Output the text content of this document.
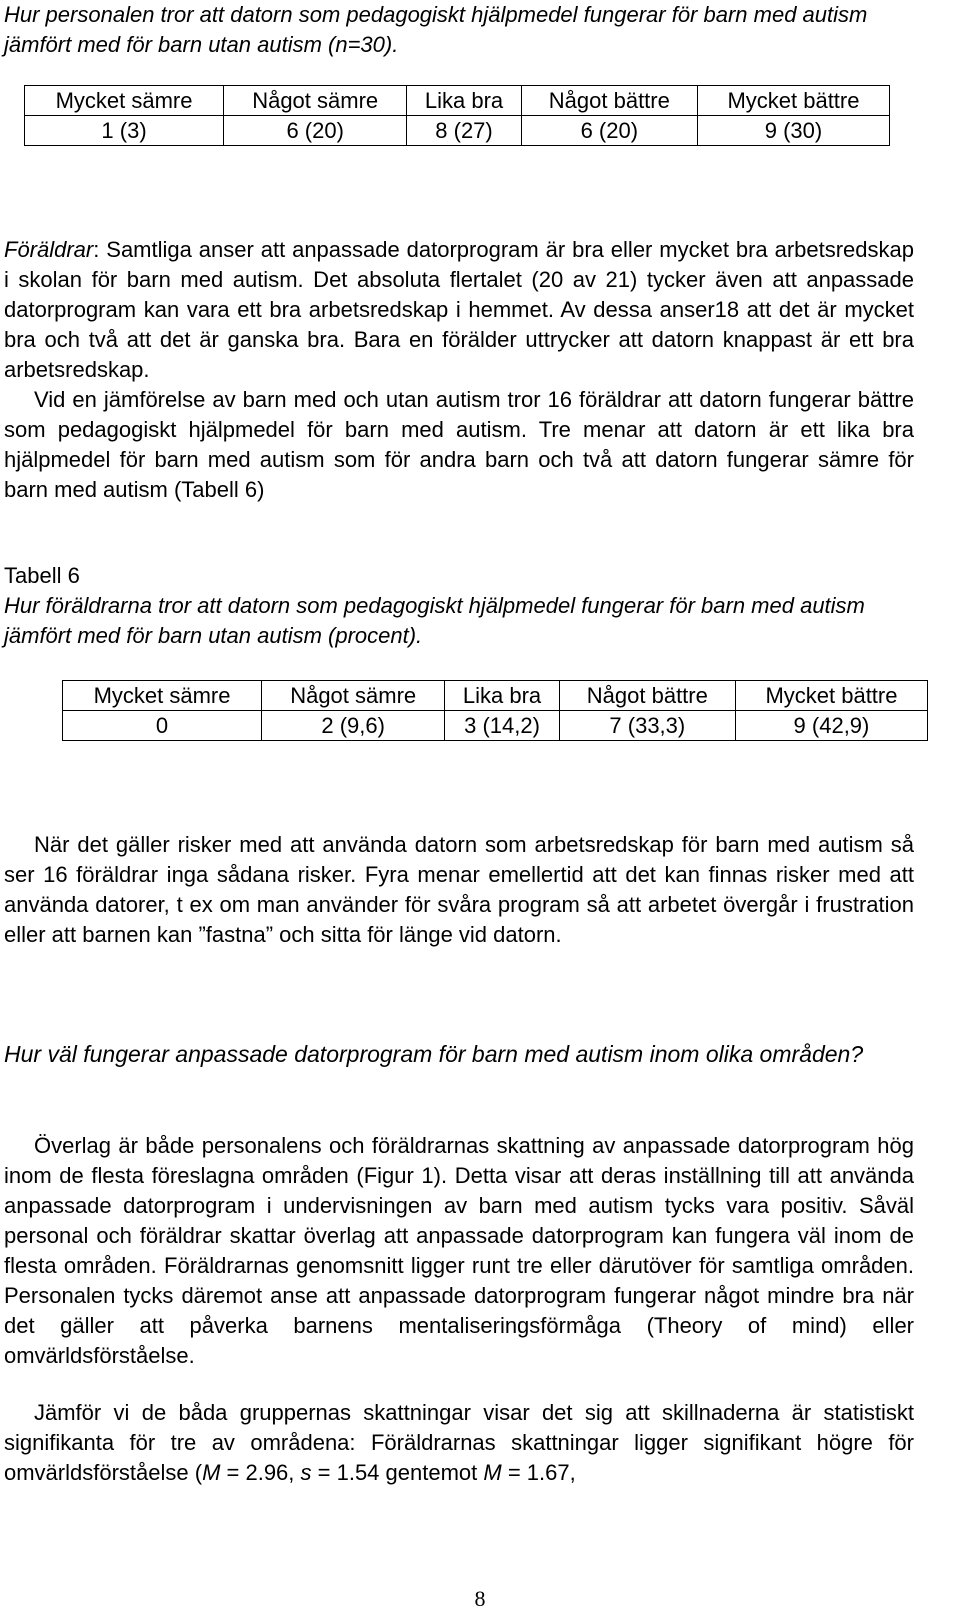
Hur personalen tror att datorn som pedagogiskt hjälpmedel fungerar för barn med autism jämfört med för barn utan autism (n=30).

Mycket sämre	Något sämre	Lika bra	Något bättre	Mycket bättre
1 (3)	6 (20)	8 (27)	6 (20)	9 (30)

Föräldrar: Samtliga anser att anpassade datorprogram är bra eller mycket bra arbetsredskap i skolan för barn med autism. Det absoluta flertalet (20 av 21) tycker även att anpassade datorprogram kan vara ett bra arbetsredskap i hemmet. Av dessa anser18 att det är mycket bra och två att det är ganska bra. Bara en förälder uttrycker att datorn knappast är ett bra arbetsredskap.

Vid en jämförelse av barn med och utan autism tror 16 föräldrar att datorn fungerar bättre som pedagogiskt hjälpmedel för barn med autism. Tre menar att datorn är ett lika bra hjälpmedel för barn med autism som för andra barn och två att datorn fungerar sämre för barn med autism (Tabell 6)

Tabell 6

Hur föräldrarna tror att datorn som pedagogiskt hjälpmedel fungerar för barn med autism jämfört med för barn utan autism (procent).

Mycket sämre	Något sämre	Lika bra	Något bättre	Mycket bättre
0	2 (9,6)	3 (14,2)	7 (33,3)	9 (42,9)

När det gäller risker med att använda datorn som arbetsredskap för barn med autism så ser 16 föräldrar inga sådana risker. Fyra menar emellertid att det kan finnas risker med att använda datorer, t ex om man använder för svåra program så att arbetet övergår i frustration eller att barnen kan ”fastna” och sitta för länge vid datorn.

Hur väl fungerar anpassade datorprogram för barn med autism inom olika områden?

Överlag är både personalens och föräldrarnas skattning av anpassade datorprogram hög inom de flesta föreslagna områden (Figur 1). Detta visar att deras inställning till att använda anpassade datorprogram i undervisningen av barn med autism tycks vara positiv. Såväl personal och föräldrar skattar överlag att anpassade datorprogram kan fungera väl inom de flesta områden. Föräldrarnas genomsnitt ligger runt tre eller därutöver för samtliga områden. Personalen tycks däremot anse att anpassade datorprogram fungerar något mindre bra när det gäller att påverka barnens mentaliseringsförmåga (Theory of mind) eller omvärldsförståelse.

Jämför vi de båda gruppernas skattningar visar det sig att skillnaderna är statistiskt signifikanta för tre av områdena: Föräldrarnas skattningar ligger signifikant högre för omvärldsförståelse (M = 2.96, s = 1.54 gentemot M = 1.67,

8
